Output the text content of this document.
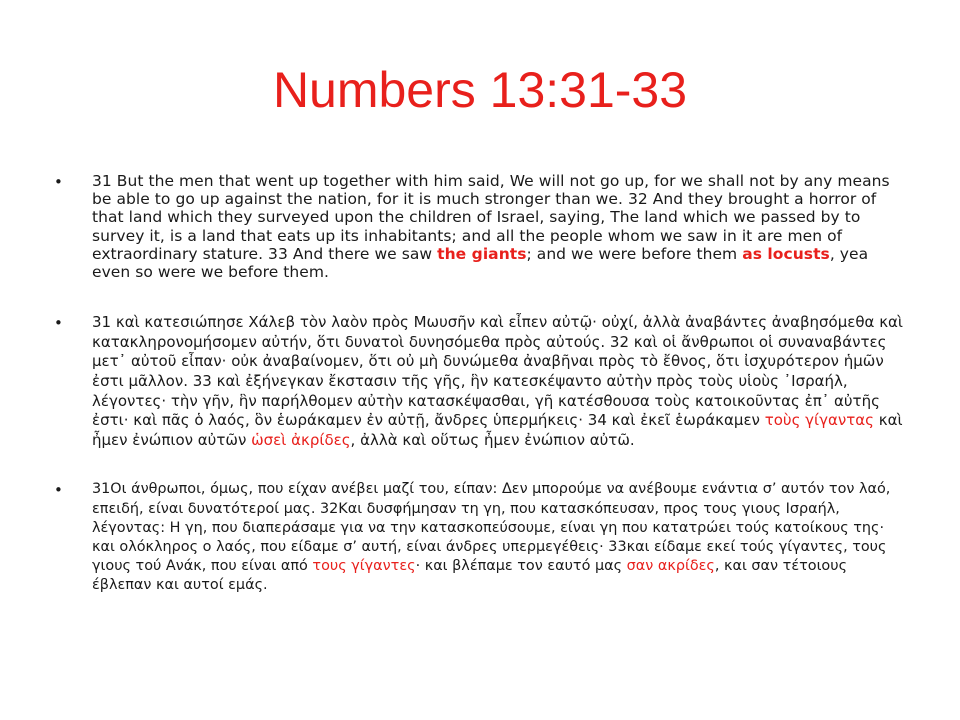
Numbers 13:31-33

• 31 But the men that went up together with him said, We will not go up, for we shall not by any means be able to go up against the nation, for it is much stronger than we. 32 And they brought a horror of that land which they surveyed upon the children of Israel, saying, The land which we passed by to survey it, is a land that eats up its inhabitants; and all the people whom we saw in it are men of extraordinary stature. 33 And there we saw the giants; and we were before them as locusts, yea even so were we before them.

• 31 καὶ κατεσιώπησε Χάλεβ τὸν λαὸν πρὸς Μωυσῆν καὶ εἶπεν αὐτῷ· οὐχί, ἀλλὰ ἀναβάντες ἀναβησόμεθα καὶ κατακληρονομήσομεν αὐτήν, ὅτι δυνατοὶ δυνησόμεθα πρὸς αὐτούς. 32 καὶ οἱ ἄνθρωποι οἱ συναναβάντες μετ᾿ αὐτοῦ εἶπαν· οὐκ ἀναβαίνομεν, ὅτι οὐ μὴ δυνώμεθα ἀναβῆναι πρὸς τὸ ἔθνος, ὅτι ἰσχυρότερον ἡμῶν ἐστι μᾶλλον. 33 καὶ ἐξήνεγκαν ἔκστασιν τῆς γῆς, ἣν κατεσκέψαντο αὐτὴν πρὸς τοὺς υἱοὺς ᾿Ισραήλ, λέγοντες· τὴν γῆν, ἣν παρήλθομεν αὐτὴν κατασκέψασθαι, γῆ κατέσθουσα τοὺς κατοικοῦντας ἐπ᾿ αὐτῆς ἐστι· καὶ πᾶς ὁ λαός, ὃν ἑωράκαμεν ἐν αὐτῇ, ἄνδρες ὑπερμήκεις· 34 καὶ ἐκεῖ ἑωράκαμεν τοὺς γίγαντας καὶ ἦμεν ἐνώπιον αὐτῶν ὡσεὶ ἀκρίδες, ἀλλὰ καὶ οὕτως ἦμεν ἐνώπιον αὐτῶ.

• 31Οι άνθρωποι, όμως, που είχαν ανέβει μαζί του, είπαν: Δεν μπορούμε να ανέβουμε ενάντια σ’ αυτόν τον λαό, επειδή, είναι δυνατότεροί μας. 32Και δυσφήμησαν τη γη, που κατασκόπευσαν, προς τους γιους Ισραήλ, λέγοντας: Η γη, που διαπεράσαμε για να την κατασκοπεύσουμε, είναι γη που κατατρώει τούς κατοίκους της· και ολόκληρος ο λαός, που είδαμε σ’ αυτή, είναι άνδρες υπερμεγέθεις· 33και είδαμε εκεί τούς γίγαντες, τους γιους τού Ανάκ, που είναι από τους γίγαντες· και βλέπαμε τον εαυτό μας σαν ακρίδες, και σαν τέτοιους έβλεπαν και αυτοί εμάς.
